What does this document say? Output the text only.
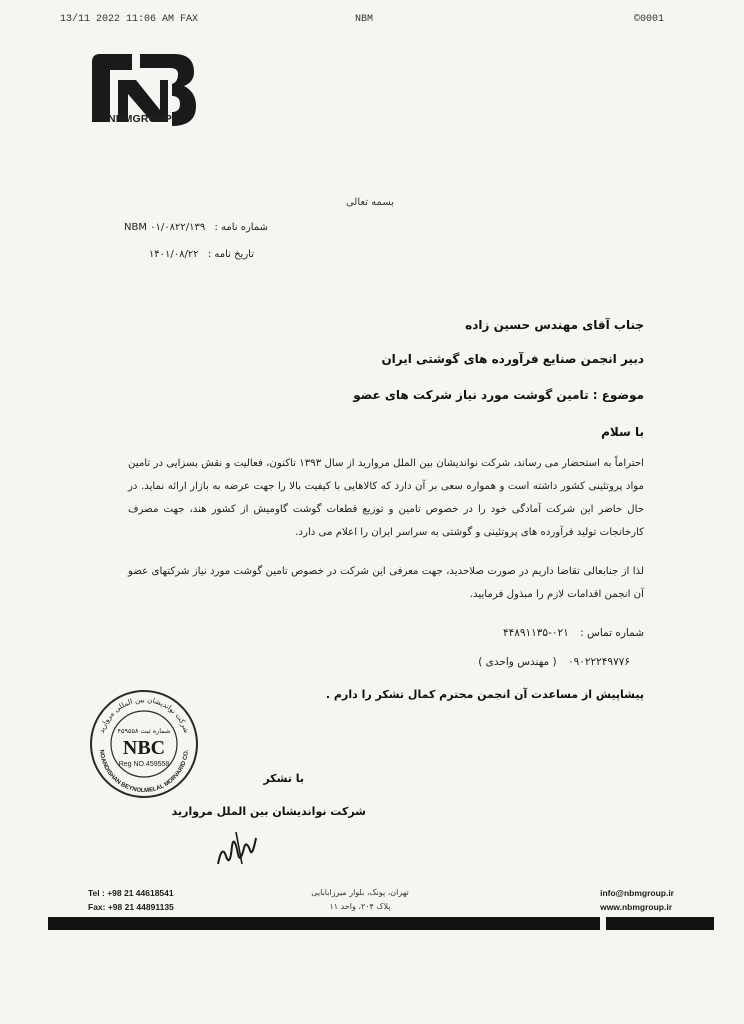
13/11 2022 11:06 AM FAX	NBM	©0001
NBMGROUP
بسمه تعالی
شماره نامه : NBM ۰۱/۰۸۲۲/۱۳۹
تاریخ نامه : ۱۴۰۱/۰۸/۲۲
جناب آقای مهندس حسین زاده
دبیر انجمن صنایع فرآورده های گوشتی ایران
موضوع : تامین گوشت مورد نیاز شرکت های عضو
با سلام
احتراماً به استحضار می رساند، شرکت نواندیشان بین الملل مروارید از سال ۱۳۹۳ تاکنون، فعالیت و نقش بسزایی در تامین مواد پروتئینی کشور داشته است و همواره سعی بر آن دارد که کالاهایی با کیفیت بالا را جهت عرضه به بازار ارائه نماید. در حال حاضر این شرکت آمادگی خود را در خصوص تامین و توزیع قطعات گوشت گاومیش از کشور هند، جهت مصرف کارخانجات تولید فرآورده های پروتئینی و گوشتی به سراسر ایران را اعلام می دارد.
لذا از جنابعالی تقاضا داریم در صورت صلاحدید، جهت معرفی این شرکت در خصوص تامین گوشت مورد نیاز شرکتهای عضو آن انجمن اقدامات لازم را مبذول فرمایید.
شماره تماس : ۰۲۱-۴۴۸۹۱۱۳۵
۰۹۰۲۲۲۴۹۷۷۶ ( مهندس واحدی )
پیشاپیش از مساعدت آن انجمن محترم کمال تشکر را دارم .
شرکت نواندیشان بین المللی مروارید
NOANDISHAN BEYNOLMELAL MORVARID CO.
شماره ثبت ۴۵۹۵۵۸
NBC
Reg NO.459558
با تشکر
شرکت نواندیشان بین الملل مروارید
Tel : +98 21 44618541
Fax: +98 21 44891135
تهران، پونک، بلوار میرزابابایی
پلاک ۲۰۴، واحد ۱۱
info@nbmgroup.ir
www.nbmgroup.ir
